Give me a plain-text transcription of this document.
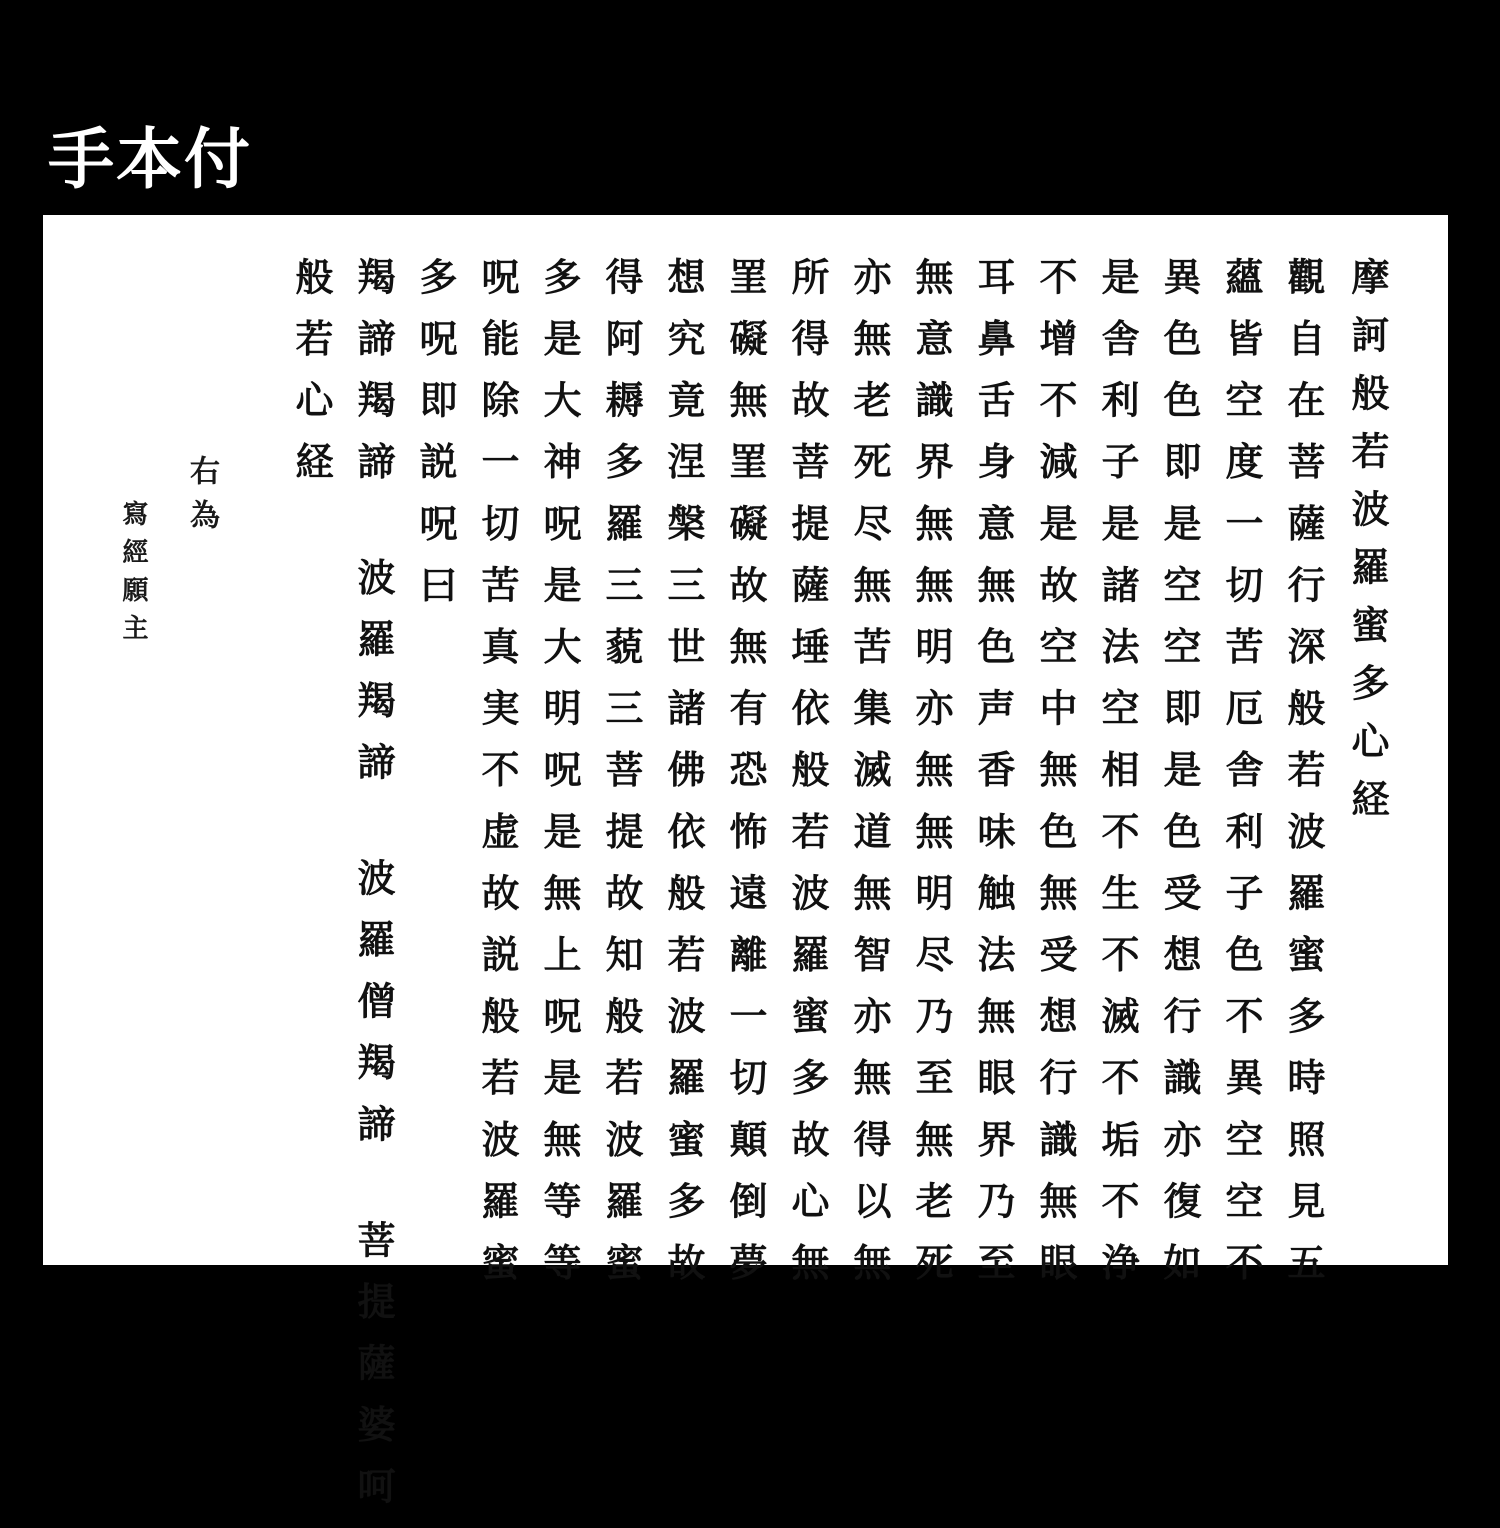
手本付
摩訶般若波羅蜜多心経
觀自在菩薩行深般若波羅蜜多時照見五
蘊皆空度一切苦厄舎利子色不異空空不
異色色即是空空即是色受想行識亦復如
是舎利子是諸法空相不生不滅不垢不浄
不增不減是故空中無色無受想行識無眼
耳鼻舌身意無色声香味触法無眼界乃至
無意識界無無明亦無無明尽乃至無老死
亦無老死尽無苦集滅道無智亦無得以無
所得故菩提薩埵依般若波羅蜜多故心無
罣礙無罣礙故無有恐怖遠離一切顛倒夢
想究竟涅槃三世諸佛依般若波羅蜜多故
得阿耨多羅三藐三菩提故知般若波羅蜜
多是大神呪是大明呪是無上呪是無等等
呪能除一切苦真実不虚故説般若波羅蜜
多呪即説呪曰
羯諦羯諦波羅羯諦波羅僧羯諦菩提薩婆呵
般若心経
右為
寫經願主
